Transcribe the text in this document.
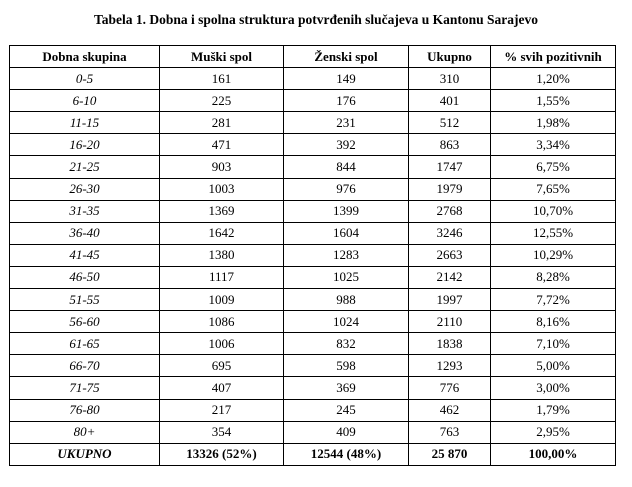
Tabela 1. Dobna i spolna struktura potvrđenih slučajeva u Kantonu Sarajevo
Dobna skupina	Muški spol	Ženski spol	Ukupno	% svih pozitivnih
0-5	161	149	310	1,20%
6-10	225	176	401	1,55%
11-15	281	231	512	1,98%
16-20	471	392	863	3,34%
21-25	903	844	1747	6,75%
26-30	1003	976	1979	7,65%
31-35	1369	1399	2768	10,70%
36-40	1642	1604	3246	12,55%
41-45	1380	1283	2663	10,29%
46-50	1117	1025	2142	8,28%
51-55	1009	988	1997	7,72%
56-60	1086	1024	2110	8,16%
61-65	1006	832	1838	7,10%
66-70	695	598	1293	5,00%
71-75	407	369	776	3,00%
76-80	217	245	462	1,79%
80+	354	409	763	2,95%
UKUPNO	13326 (52%)	12544 (48%)	25 870	100,00%
